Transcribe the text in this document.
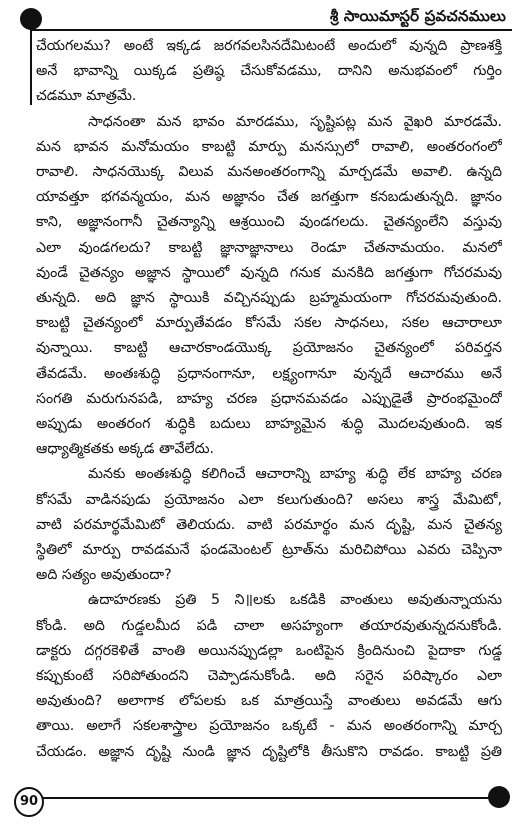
శ్రీ సాయిమాస్టర్ ప్రవచనములు
చేయగలము? అంటే ఇక్కడ జరగవలసినదేమిటంటే అందులో వున్నది ప్రాణశక్తి
అనే భావాన్ని యిక్కడ ప్రతిష్ఠ చేసుకోవడము, దానిని అనుభవంలో గుర్తిం
చడమూ మాత్రమే.
సాధనంతా మన భావం మారడము, సృష్టిపట్ల మన వైఖరి మారడమే.
మన భావన మనోమయం కాబట్టి మార్పు మనస్సులో రావాలి, అంతరంగంలో
రావాలి. సాధనయొక్క విలువ మనఅంతరంగాన్ని మార్చడమే అవాలి. ఉన్నది
యావత్తూ భగవన్మయం, మన అజ్ఞానం చేత జగత్తుగా కనబడుతున్నది. జ్ఞానం
కాని, అజ్ఞానంగానీ చైతన్యాన్ని ఆశ్రయించి వుండగలదు. చైతన్యంలేని వస్తువు
ఎలా వుండగలదు? కాబట్టి జ్ఞానాజ్ఞానాలు రెండూ చేతనామయం. మనలో
వుండే చైతన్యం అజ్ఞాన స్థాయిలో వున్నది గనుక మనకిది జగత్తుగా గోచరమవు
తున్నది. అది జ్ఞాన స్థాయికి వచ్చినప్పుడు బ్రహ్మమయంగా గోచరమవుతుంది.
కాబట్టి చైతన్యంలో మార్పుతేవడం కోసమే సకల సాధనలు, సకల ఆచారాలూ
వున్నాయి. కాబట్టి ఆచారకాండయొక్క ప్రయోజనం చైతన్యంలో పరివర్తన
తేవడమే. అంతఃశుద్ధి ప్రధానంగానూ, లక్ష్యంగానూ వున్నదే ఆచారము అనే
సంగతి మరుగునపడి, బాహ్య చరణ ప్రధానమవడం ఎప్పుడైతే ప్రారంభమైందో
అప్పుడు అంతరంగ శుద్ధికి బదులు బాహ్యమైన శుద్ధి మొదలవుతుంది. ఇక
ఆధ్యాత్మికతకు అక్కడ తావేలేదు.
మనకు అంతఃశుద్ధి కలిగించే ఆచారాన్ని బాహ్య శుద్ధి లేక బాహ్య చరణ
కోసమే వాడినపుడు ప్రయోజనం ఎలా కలుగుతుంది? అసలు శాస్త్ర మేమిటో,
వాటి పరమార్థమేమిటో తెలియదు. వాటి పరమార్థం మన దృష్టి, మన చైతన్య
స్థితిలో మార్పు రావడమనే ఫండమెంటల్ ట్రూత్‌ను మరిచిపోయి ఎవరు చెప్పినా
అది సత్యం అవుతుందా?
ఉదాహరణకు ప్రతి 5 ని॥లకు ఒకడికి వాంతులు అవుతున్నాయను
కోండి. అది గుడ్డలమీద పడి చాలా అసహ్యంగా తయారవుతున్నదనుకోండి.
డాక్టరు దగ్గరకెళితే వాంతి అయినప్పుడల్లా ఒంటిపైన క్రిందినుంచి పైదాకా గుడ్డ
కప్పుకుంటే సరిపోతుందని చెప్పాడనుకోండి. అది సరైన పరిష్కారం ఎలా
అవుతుంది? అలాగాక లోపలకు ఒక మాత్రయిస్తే వాంతులు అవడమే ఆగు
తాయి. అలాగే సకలశాస్త్రాల ప్రయోజనం ఒక్కటే - మన అంతరంగాన్ని మార్చ
చేయడం. అజ్ఞాన దృష్టి నుండి జ్ఞాన దృష్టిలోకి తీసుకొని రావడం. కాబట్టి ప్రతి
90
